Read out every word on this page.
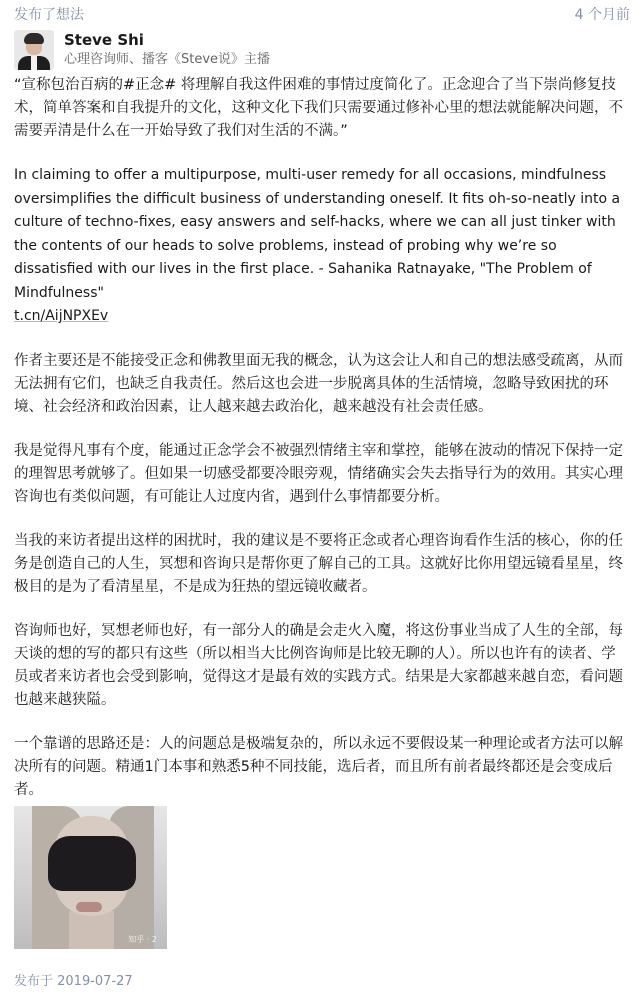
发布了想法	4 个月前
Steve Shi
心理咨询师、播客《Steve说》主播

“宣称包治百病的#正念# 将理解自我这件困难的事情过度简化了。正念迎合了当下崇尚修复技术，简单答案和自我提升的文化，这种文化下我们只需要通过修补心里的想法就能解决问题，不需要弄清是什么在一开始导致了我们对生活的不满。”

In claiming to offer a multipurpose, multi-user remedy for all occasions, mindfulness oversimplifies the difficult business of understanding oneself. It fits oh-so-neatly into a culture of techno-fixes, easy answers and self-hacks, where we can all just tinker with the contents of our heads to solve problems, instead of probing why we’re so dissatisfied with our lives in the first place. - Sahanika Ratnayake, "The Problem of Mindfulness"
t.cn/AijNPXEv

作者主要还是不能接受正念和佛教里面无我的概念，认为这会让人和自己的想法感受疏离，从而无法拥有它们，也缺乏自我责任。然后这也会进一步脱离具体的生活情境，忽略导致困扰的环境、社会经济和政治因素，让人越来越去政治化，越来越没有社会责任感。

我是觉得凡事有个度，能通过正念学会不被强烈情绪主宰和掌控，能够在波动的情况下保持一定的理智思考就够了。但如果一切感受都要冷眼旁观，情绪确实会失去指导行为的效用。其实心理咨询也有类似问题，有可能让人过度内省，遇到什么事情都要分析。

当我的来访者提出这样的困扰时，我的建议是不要将正念或者心理咨询看作生活的核心，你的任务是创造自己的人生，冥想和咨询只是帮你更了解自己的工具。这就好比你用望远镜看星星，终极目的是为了看清星星，不是成为狂热的望远镜收藏者。

咨询师也好，冥想老师也好，有一部分人的确是会走火入魔，将这份事业当成了人生的全部，每天谈的想的写的都只有这些（所以相当大比例咨询师是比较无聊的人）。所以也许有的读者、学员或者来访者也会受到影响，觉得这才是最有效的实践方式。结果是大家都越来越自恋，看问题也越来越狭隘。

一个靠谱的思路还是：人的问题总是极端复杂的，所以永远不要假设某一种理论或者方法可以解决所有的问题。精通1门本事和熟悉5种不同技能，选后者，而且所有前者最终都还是会变成后者。

知乎 · 2
发布于 2019-07-27
